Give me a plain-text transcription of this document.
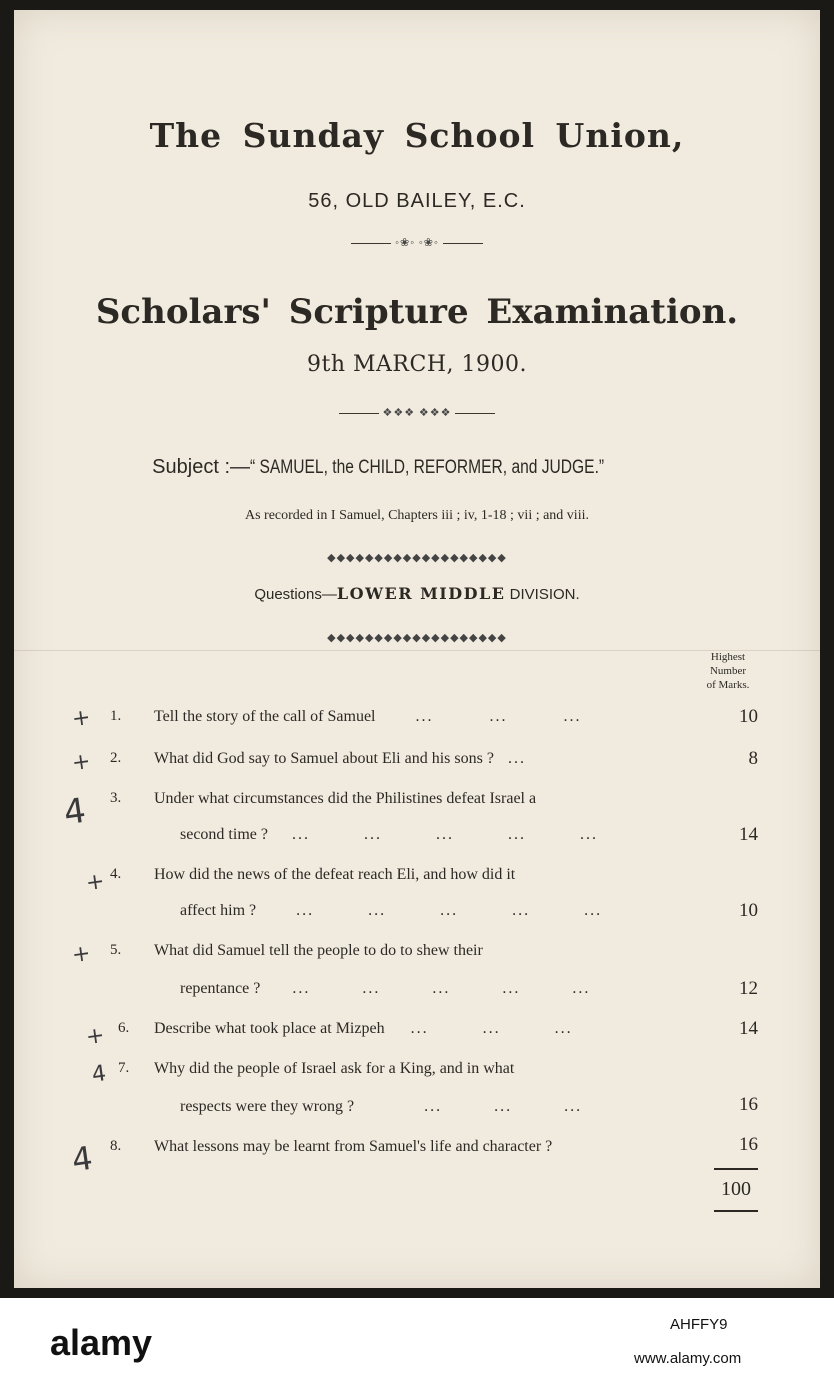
The Sunday School Union,
56, OLD BAILEY, E.C.
◦❀◦ ◦❀◦
Scholars' Scripture Examination.
9th MARCH, 1900.
❖❖❖ ❖❖❖
Subject :—“ SAMUEL, the CHILD, REFORMER, and JUDGE.”
As recorded in I Samuel, Chapters iii ; iv, 1-18 ; vii ; and viii.
◆◆◆◆◆◆◆◆◆◆◆◆◆◆◆◆◆◆◆
Questions—LOWER MIDDLE DIVISION.
◆◆◆◆◆◆◆◆◆◆◆◆◆◆◆◆◆◆◆
Highest
Number
of Marks.
+ 1. Tell the story of the call of Samuel	... ... ...	10
+ 2. What did God say to Samuel about Eli and his sons ? ...	8
4 3. Under what circumstances did the Philistines defeat Israel a
second time ? ... ... ... ... ...	14
+ 4. How did the news of the defeat reach Eli, and how did it
affect him ?	... ... ... ... ...	10
+ 5. What did Samuel tell the people to do to shew their
repentance ? ... ... ... ... ...	12
+ 6. Describe what took place at Mizpeh ... ... ...	14
4 7. Why did the people of Israel ask for a King, and in what
respects were they wrong ?	... ... ...	16
4 8. What lessons may be learnt from Samuel's life and character ?	16
100
alamy	AHFFY9
www.alamy.com
